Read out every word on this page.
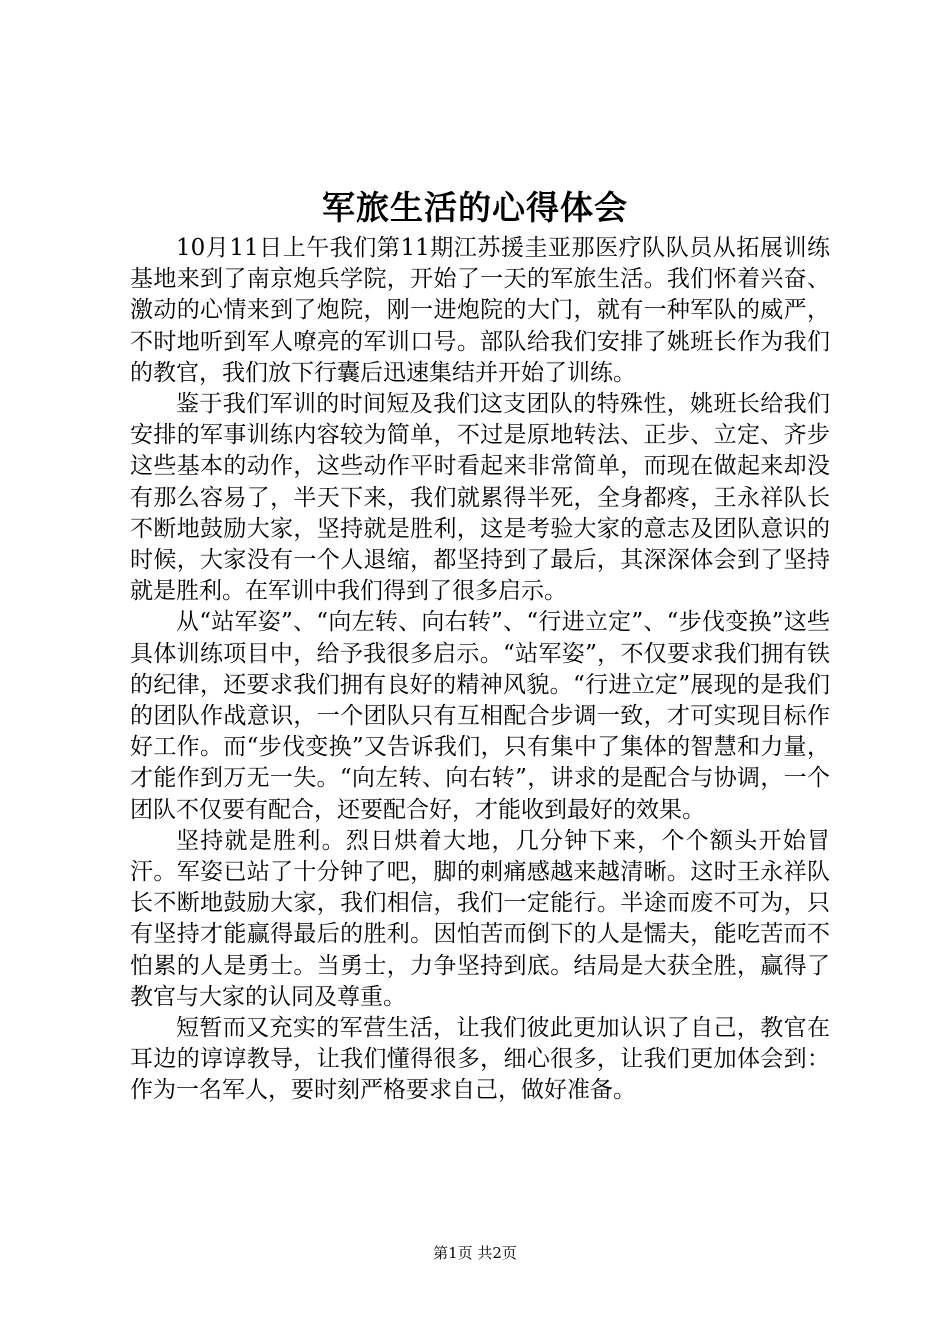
军旅生活的心得体会

10月11日上午我们第11期江苏援圭亚那医疗队队员从拓展训练基地来到了南京炮兵学院，开始了一天的军旅生活。我们怀着兴奋、激动的心情来到了炮院，刚一进炮院的大门，就有一种军队的威严，不时地听到军人嘹亮的军训口号。部队给我们安排了姚班长作为我们的教官，我们放下行囊后迅速集结并开始了训练。

鉴于我们军训的时间短及我们这支团队的特殊性，姚班长给我们安排的军事训练内容较为简单，不过是原地转法、正步、立定、齐步这些基本的动作，这些动作平时看起来非常简单，而现在做起来却没有那么容易了，半天下来，我们就累得半死，全身都疼，王永祥队长不断地鼓励大家，坚持就是胜利，这是考验大家的意志及团队意识的时候，大家没有一个人退缩，都坚持到了最后，其深深体会到了坚持就是胜利。在军训中我们得到了很多启示。

从“站军姿”、“向左转、向右转”、“行进立定”、“步伐变换”这些具体训练项目中，给予我很多启示。“站军姿”，不仅要求我们拥有铁的纪律，还要求我们拥有良好的精神风貌。“行进立定”展现的是我们的团队作战意识，一个团队只有互相配合步调一致，才可实现目标作好工作。而“步伐变换”又告诉我们，只有集中了集体的智慧和力量，才能作到万无一失。“向左转、向右转”，讲求的是配合与协调，一个团队不仅要有配合，还要配合好，才能收到最好的效果。

坚持就是胜利。烈日烘着大地，几分钟下来，个个额头开始冒汗。军姿已站了十分钟了吧，脚的刺痛感越来越清晰。这时王永祥队长不断地鼓励大家，我们相信，我们一定能行。半途而废不可为，只有坚持才能赢得最后的胜利。因怕苦而倒下的人是懦夫，能吃苦而不怕累的人是勇士。当勇士，力争坚持到底。结局是大获全胜，赢得了教官与大家的认同及尊重。

短暂而又充实的军营生活，让我们彼此更加认识了自己，教官在耳边的谆谆教导，让我们懂得很多，细心很多，让我们更加体会到：作为一名军人，要时刻严格要求自己，做好准备。

第1页 共2页
